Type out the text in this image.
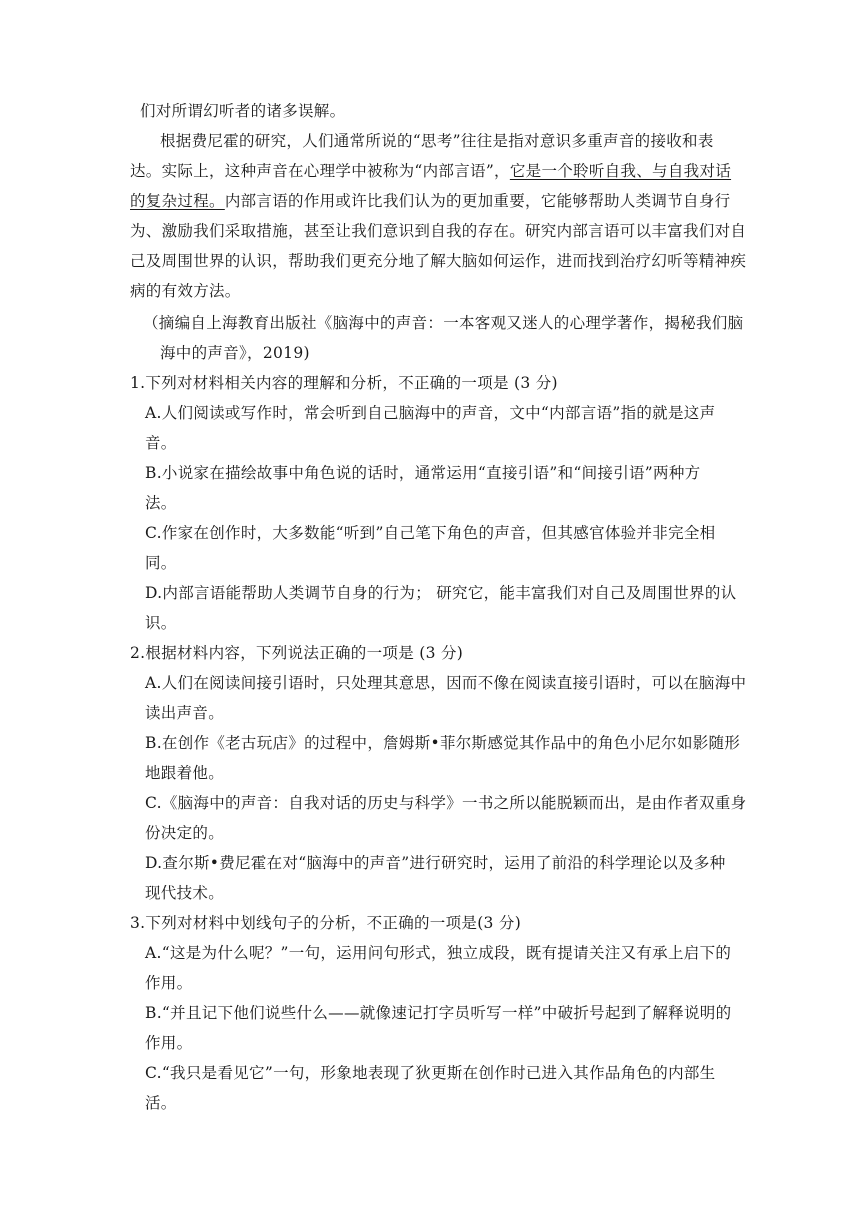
们对所谓幻听者的诸多误解。
根据费尼霍的研究，人们通常所说的“思考”往往是指对意识多重声音的接收和表
达。实际上，这种声音在心理学中被称为“内部言语”，它是一个聆听自我、与自我对话
的复杂过程。内部言语的作用或许比我们认为的更加重要，它能够帮助人类调节自身行
为、激励我们采取措施，甚至让我们意识到自我的存在。研究内部言语可以丰富我们对自
己及周围世界的认识，帮助我们更充分地了解大脑如何运作，进而找到治疗幻听等精神疾
病的有效方法。
（摘编自上海教育出版社《脑海中的声音：一本客观又迷人的心理学著作，揭秘我们脑
海中的声音》，2019)
1.下列对材料相关内容的理解和分析，不正确的一项是 (3 分)
A.人们阅读或写作时，常会听到自己脑海中的声音，文中“内部言语”指的就是这声
音。
B.小说家在描绘故事中角色说的话时，通常运用“直接引语”和“间接引语”两种方
法。
C.作家在创作时，大多数能“听到”自己笔下角色的声音，但其感官体验并非完全相
同。
D.内部言语能帮助人类调节自身的行为； 研究它，能丰富我们对自己及周围世界的认
识。
2.根据材料内容，下列说法正确的一项是 (3 分)
A.人们在阅读间接引语时，只处理其意思，因而不像在阅读直接引语时，可以在脑海中
读出声音。
B.在创作《老古玩店》的过程中，詹姆斯•菲尔斯感觉其作品中的角色小尼尔如影随形
地跟着他。
C.《脑海中的声音：自我对话的历史与科学》一书之所以能脱颖而出，是由作者双重身
份决定的。
D.查尔斯•费尼霍在对“脑海中的声音”进行研究时，运用了前沿的科学理论以及多种
现代技术。
3.下列对材料中划线句子的分析，不正确的一项是(3 分)
A.“这是为什么呢？”一句，运用问句形式，独立成段，既有提请关注又有承上启下的
作用。
B.“并且记下他们说些什么——就像速记打字员听写一样”中破折号起到了解释说明的
作用。
C.“我只是看见它”一句，形象地表现了狄更斯在创作时已进入其作品角色的内部生
活。
